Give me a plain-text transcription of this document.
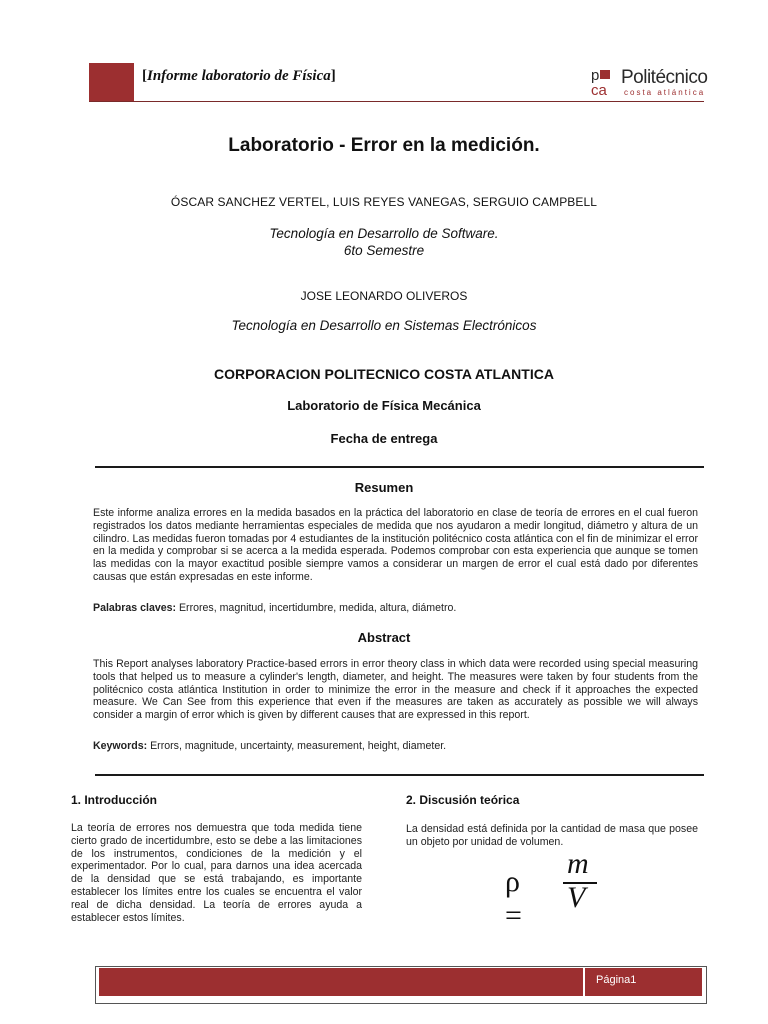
[Informe laboratorio de Física]	p
ca
Politécnico
costa atlántica
Laboratorio - Error en la medición.
ÓSCAR SANCHEZ VERTEL, LUIS REYES VANEGAS, SERGUIO CAMPBELL
Tecnología en Desarrollo de Software.
6to Semestre
JOSE LEONARDO OLIVEROS
Tecnología en Desarrollo en Sistemas Electrónicos
CORPORACION POLITECNICO COSTA ATLANTICA
Laboratorio de Física Mecánica
Fecha de entrega
Resumen
Este informe analiza errores en la medida basados en la práctica del laboratorio en clase de teoría de errores en el cual fueron registrados los datos mediante herramientas especiales de medida que nos ayudaron a medir longitud, diámetro y altura de un cilindro. Las medidas fueron tomadas por 4 estudiantes de la institución politécnico costa atlántica con el fin de minimizar el error en la medida y comprobar si se acerca a la medida esperada. Podemos comprobar con esta experiencia que aunque se tomen las medidas con la mayor exactitud posible siempre vamos a considerar un margen de error el cual está dado por diferentes causas que están expresadas en este informe.
Palabras claves: Errores, magnitud, incertidumbre, medida, altura, diámetro.
Abstract
This Report analyses laboratory Practice-based errors in error theory class in which data were recorded using special measuring tools that helped us to measure a cylinder's length, diameter, and height. The measures were taken by four students from the politécnico costa atlántica Institution in order to minimize the error in the measure and check if it approaches the expected measure. We Can See from this experience that even if the measures are taken as accurately as possible we will always consider a margin of error which is given by different causes that are expressed in this report.
Keywords: Errors, magnitude, uncertainty, measurement, height, diameter.
1. Introducción
La teoría de errores nos demuestra que toda medida tiene cierto grado de incertidumbre, esto se debe a las limitaciones de los instrumentos, condiciones de la medición y el experimentador. Por lo cual, para darnos una idea acercada de la densidad que se está trabajando, es importante establecer los límites entre los cuales se encuentra el valor real de dicha densidad. La teoría de errores ayuda a establecer estos límites.
2. Discusión teórica
La densidad está definida por la cantidad de masa que posee un objeto por unidad de volumen.
ρ =
m
V
Página1
